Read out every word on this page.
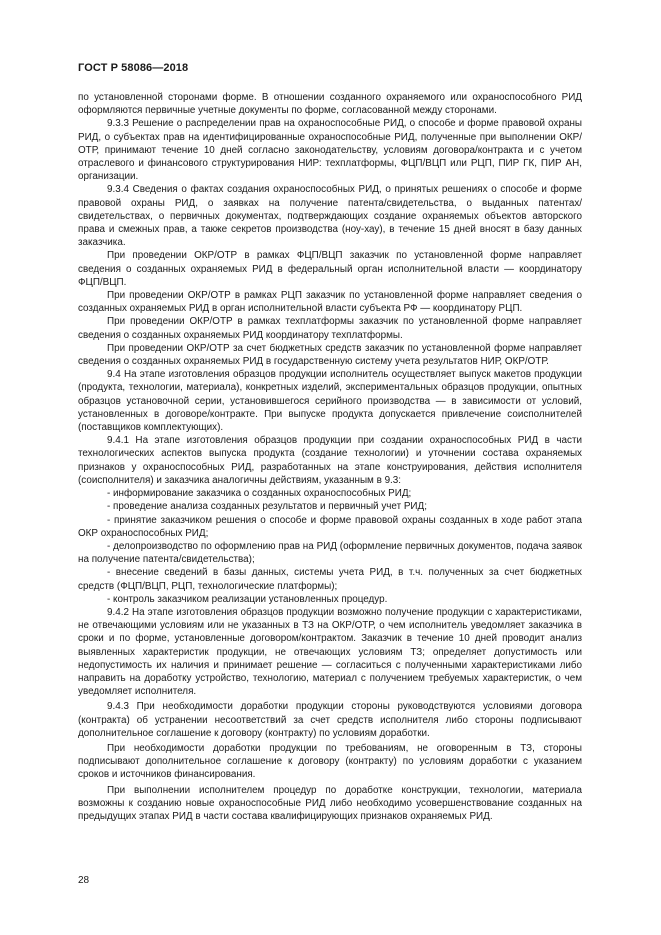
ГОСТ Р 58086—2018

по установленной сторонами форме. В отношении созданного охраняемого или охраноспособного РИД оформляются первичные учетные документы по форме, согласованной между сторонами.

9.3.3 Решение о распределении прав на охраноспособные РИД, о способе и форме правовой охраны РИД, о субъектах прав на идентифицированные охраноспособные РИД, полученные при выполнении ОКР/ОТР, принимают течение 10 дней согласно законодательству, условиям договора/контракта и с учетом отраслевого и финансового структурирования НИР: техплатформы, ФЦП/ВЦП или РЦП, ПИР ГК, ПИР АН, организации.

9.3.4 Сведения о фактах создания охраноспособных РИД, о принятых решениях о способе и форме правовой охраны РИД, о заявках на получение патента/свидетельства, о выданных патентах/свидетельствах, о первичных документах, подтверждающих создание охраняемых объектов авторского права и смежных прав, а также секретов производства (ноу-хау), в течение 15 дней вносят в базу данных заказчика.

При проведении ОКР/ОТР в рамках ФЦП/ВЦП заказчик по установленной форме направляет сведения о созданных охраняемых РИД в федеральный орган исполнительной власти — координатору ФЦП/ВЦП.

При проведении ОКР/ОТР в рамках РЦП заказчик по установленной форме направляет сведения о созданных охраняемых РИД в орган исполнительной власти субъекта РФ — координатору РЦП.

При проведении ОКР/ОТР в рамках техплатформы заказчик по установленной форме направляет сведения о созданных охраняемых РИД координатору техплатформы.

При проведении ОКР/ОТР за счет бюджетных средств заказчик по установленной форме направляет сведения о созданных охраняемых РИД в государственную систему учета результатов НИР, ОКР/ОТР.

9.4 На этапе изготовления образцов продукции исполнитель осуществляет выпуск макетов продукции (продукта, технологии, материала), конкретных изделий, экспериментальных образцов продукции, опытных образцов установочной серии, установившегося серийного производства — в зависимости от условий, установленных в договоре/контракте. При выпуске продукта допускается привлечение соисполнителей (поставщиков комплектующих).

9.4.1 На этапе изготовления образцов продукции при создании охраноспособных РИД в части технологических аспектов выпуска продукта (создание технологии) и уточнении состава охраняемых признаков у охраноспособных РИД, разработанных на этапе конструирования, действия исполнителя (соисполнителя) и заказчика аналогичны действиям, указанным в 9.3:

- информирование заказчика о созданных охраноспособных РИД;

- проведение анализа созданных результатов и первичный учет РИД;

- принятие заказчиком решения о способе и форме правовой охраны созданных в ходе работ этапа ОКР охраноспособных РИД;

- делопроизводство по оформлению прав на РИД (оформление первичных документов, подача заявок на получение патента/свидетельства);

- внесение сведений в базы данных, системы учета РИД, в т.ч. полученных за счет бюджетных средств (ФЦП/ВЦП, РЦП, технологические платформы);

- контроль заказчиком реализации установленных процедур.

9.4.2 На этапе изготовления образцов продукции возможно получение продукции с характеристиками, не отвечающими условиям или не указанных в ТЗ на ОКР/ОТР, о чем исполнитель уведомляет заказчика в сроки и по форме, установленные договором/контрактом. Заказчик в течение 10 дней проводит анализ выявленных характеристик продукции, не отвечающих условиям ТЗ; определяет допустимость или недопустимость их наличия и принимает решение — согласиться с полученными характеристиками либо направить на доработку устройство, технологию, материал с получением требуемых характеристик, о чем уведомляет исполнителя.

9.4.3 При необходимости доработки продукции стороны руководствуются условиями договора (контракта) об устранении несоответствий за счет средств исполнителя либо стороны подписывают дополнительное соглашение к договору (контракту) по условиям доработки.

При необходимости доработки продукции по требованиям, не оговоренным в ТЗ, стороны подписывают дополнительное соглашение к договору (контракту) по условиям доработки с указанием сроков и источников финансирования.

При выполнении исполнителем процедур по доработке конструкции, технологии, материала возможны к созданию новые охраноспособные РИД либо необходимо усовершенствование созданных на предыдущих этапах РИД в части состава квалифицирующих признаков охраняемых РИД.

28
